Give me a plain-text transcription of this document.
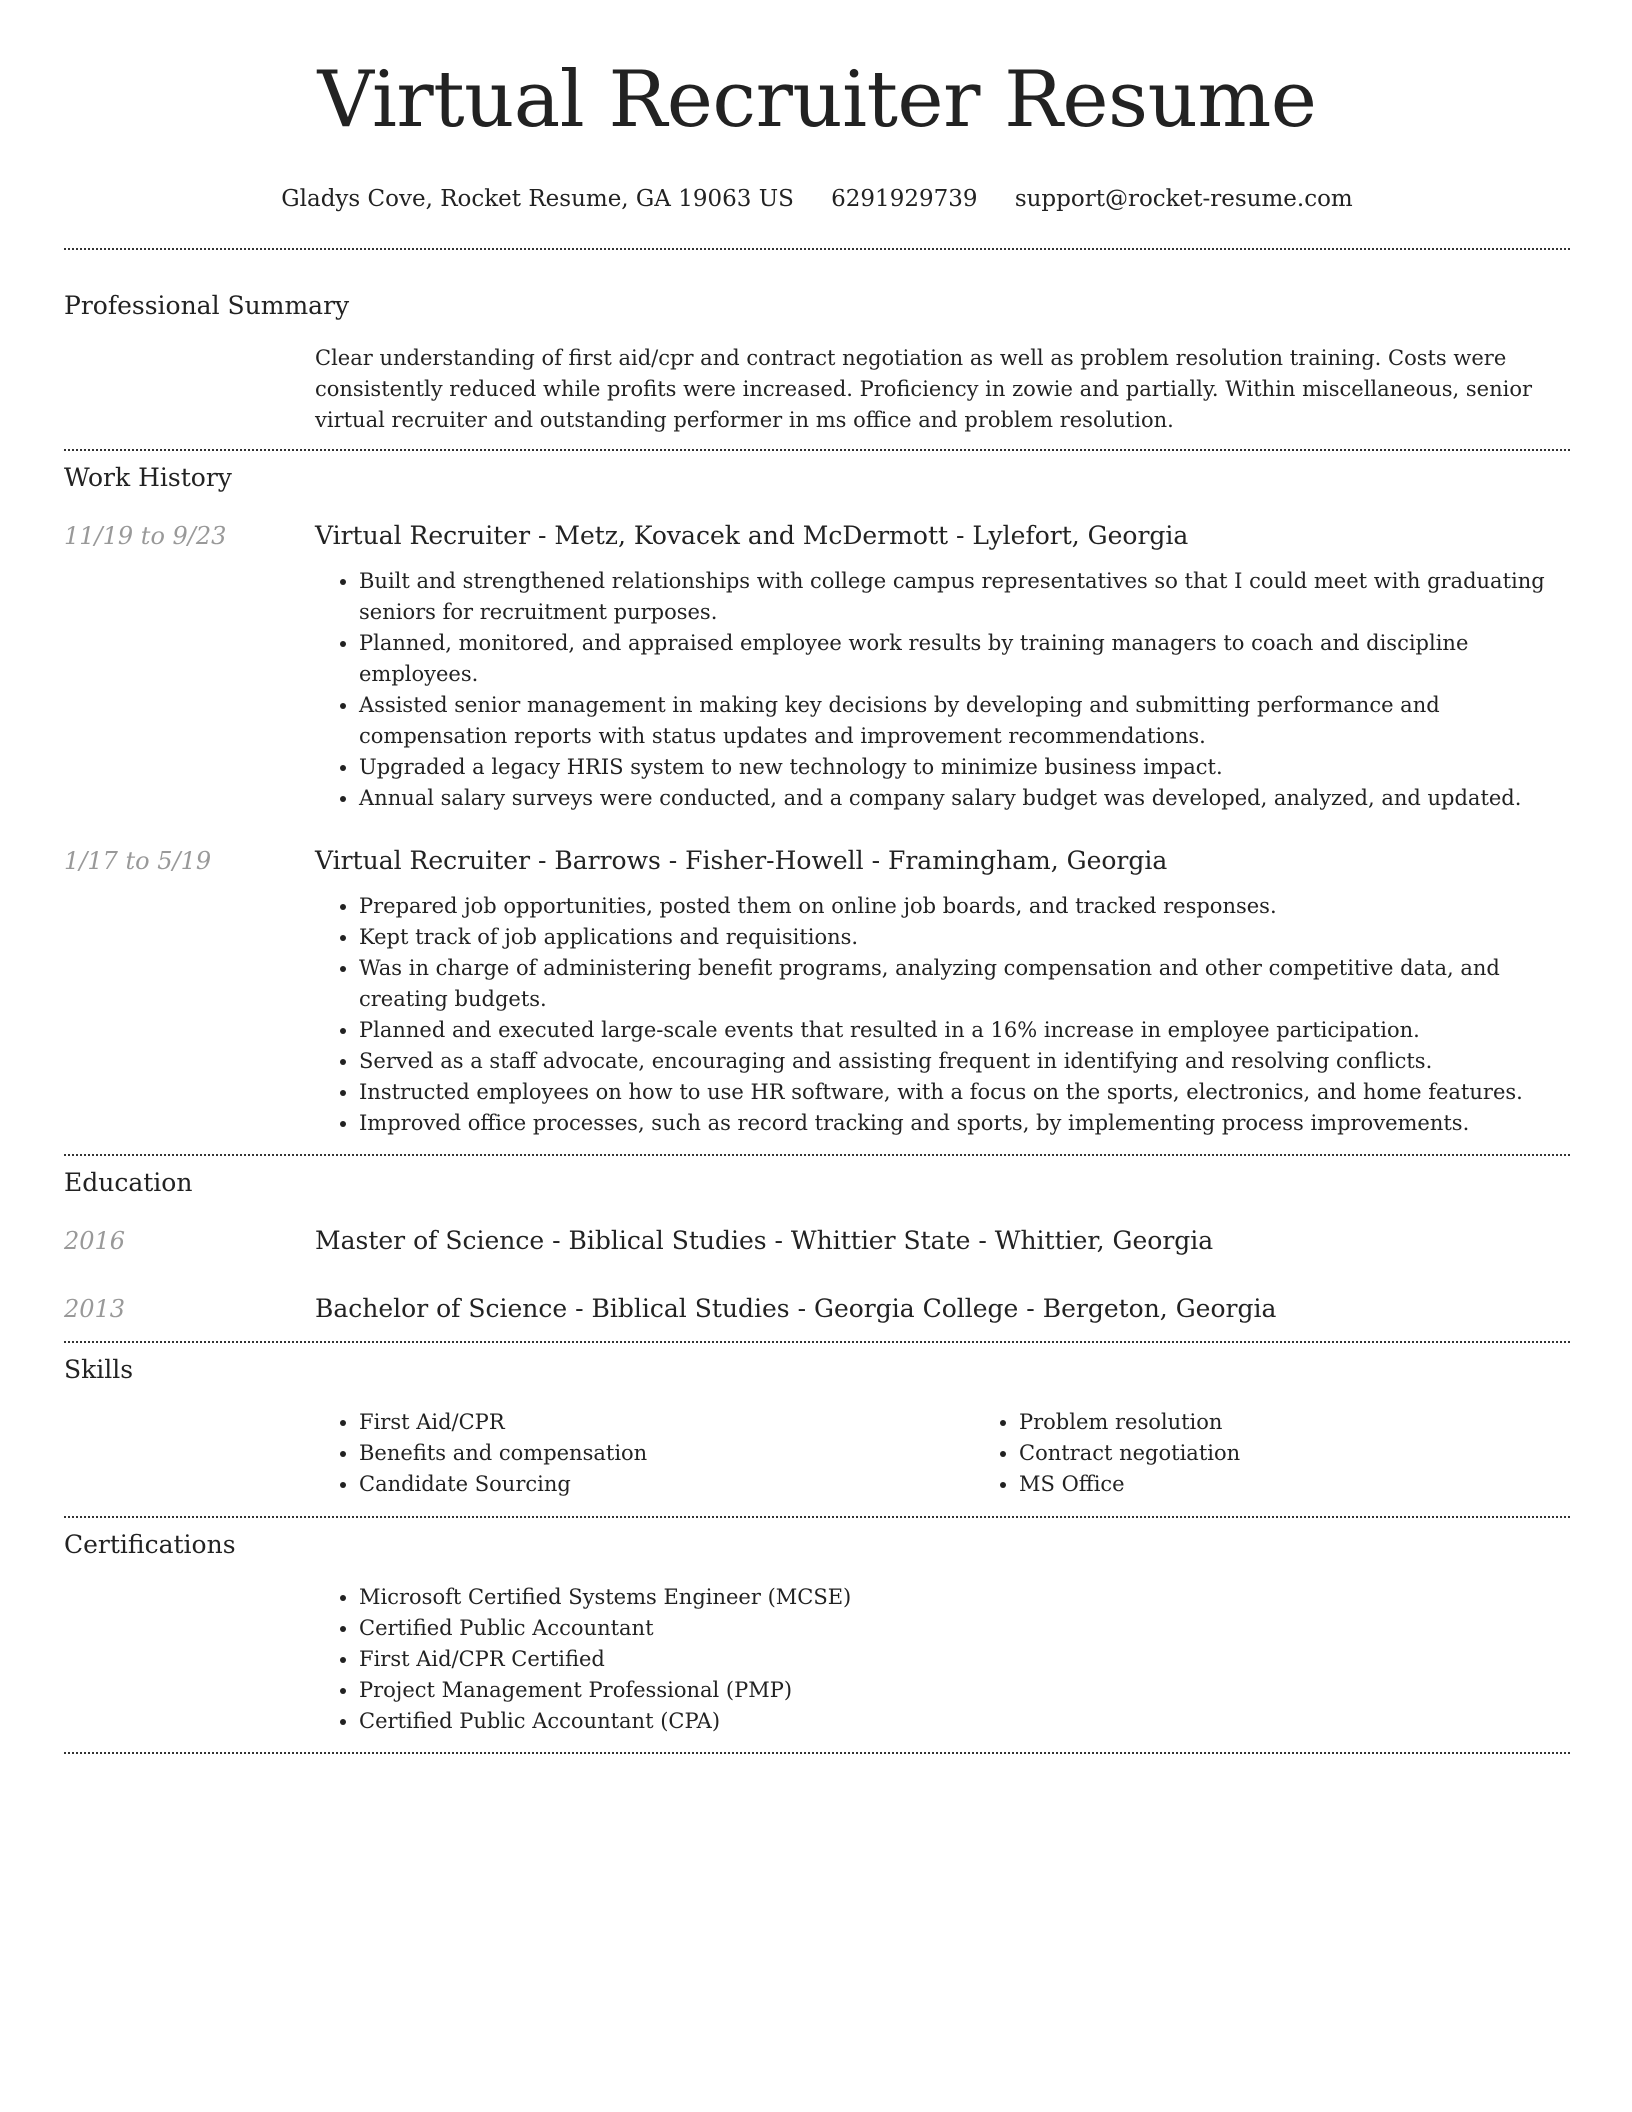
Virtual Recruiter Resume
Gladys Cove, Rocket Resume, GA 19063 US 6291929739 support@rocket-resume.com
Professional Summary

Clear understanding of first aid/cpr and contract negotiation as well as problem resolution training. Costs were consistently reduced while profits were increased. Proficiency in zowie and partially. Within miscellaneous, senior virtual recruiter and outstanding performer in ms office and problem resolution.

Work History
11/19 to 9/23	Virtual Recruiter - Metz, Kovacek and McDermott - Lylefort, Georgia
• Built and strengthened relationships with college campus representatives so that I could meet with graduating seniors for recruitment purposes.
• Planned, monitored, and appraised employee work results by training managers to coach and discipline employees.
• Assisted senior management in making key decisions by developing and submitting performance and compensation reports with status updates and improvement recommendations.
• Upgraded a legacy HRIS system to new technology to minimize business impact.
• Annual salary surveys were conducted, and a company salary budget was developed, analyzed, and updated.
1/17 to 5/19	Virtual Recruiter - Barrows - Fisher-Howell - Framingham, Georgia
• Prepared job opportunities, posted them on online job boards, and tracked responses.
• Kept track of job applications and requisitions.
• Was in charge of administering benefit programs, analyzing compensation and other competitive data, and creating budgets.
• Planned and executed large-scale events that resulted in a 16% increase in employee participation.
• Served as a staff advocate, encouraging and assisting frequent in identifying and resolving conflicts.
• Instructed employees on how to use HR software, with a focus on the sports, electronics, and home features.
• Improved office processes, such as record tracking and sports, by implementing process improvements.
Education
2016	Master of Science - Biblical Studies - Whittier State - Whittier, Georgia
2013	Bachelor of Science - Biblical Studies - Georgia College - Bergeton, Georgia
Skills
• First Aid/CPR
• Benefits and compensation
• Candidate Sourcing
• Problem resolution
• Contract negotiation
• MS Office
Certifications
• Microsoft Certified Systems Engineer (MCSE)
• Certified Public Accountant
• First Aid/CPR Certified
• Project Management Professional (PMP)
• Certified Public Accountant (CPA)
